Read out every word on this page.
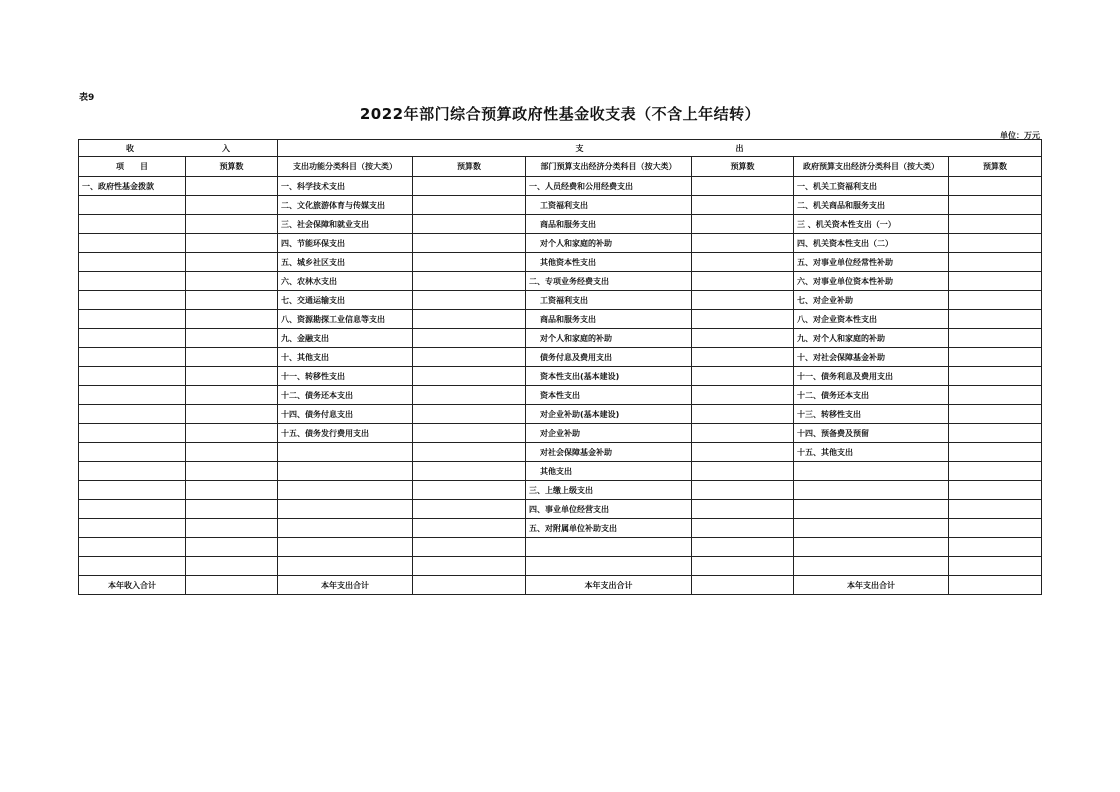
表9
2022年部门综合预算政府性基金收支表（不含上年结转）
单位：万元
收　　　　　　　　　　　入		支　　　　　　　　　　　　　　　　　　　出					
项　　目	预算数	支出功能分类科目（按大类）	预算数	部门预算支出经济分类科目（按大类）	预算数	政府预算支出经济分类科目（按大类）	预算数
一、政府性基金拨款		一、科学技术支出		一、人员经费和公用经费支出		一、机关工资福利支出	
		二、文化旅游体育与传媒支出		工资福利支出		二、机关商品和服务支出	
		三、社会保障和就业支出		商品和服务支出		三 、机关资本性支出（一）	
		四、节能环保支出		对个人和家庭的补助		四、机关资本性支出（二）	
		五、城乡社区支出		其他资本性支出		五、对事业单位经常性补助	
		六、农林水支出		二、专项业务经费支出		六、对事业单位资本性补助	
		七、交通运输支出		工资福利支出		七、对企业补助	
		八、资源勘探工业信息等支出		商品和服务支出		八、对企业资本性支出	
		九、金融支出		对个人和家庭的补助		九、对个人和家庭的补助	
		十、其他支出		债务付息及费用支出		十、对社会保障基金补助	
		十一、转移性支出		资本性支出(基本建设)		十一、债务利息及费用支出	
		十二、债务还本支出		资本性支出		十二、债务还本支出	
		十四、债务付息支出		对企业补助(基本建设)		十三、转移性支出	
		十五、债务发行费用支出		对企业补助		十四、预备费及预留	
				对社会保障基金补助		十五、其他支出	
				其他支出			
				三、上缴上级支出			
				四、事业单位经营支出			
				五、对附属单位补助支出			

本年收入合计		本年支出合计		本年支出合计		本年支出合计	
